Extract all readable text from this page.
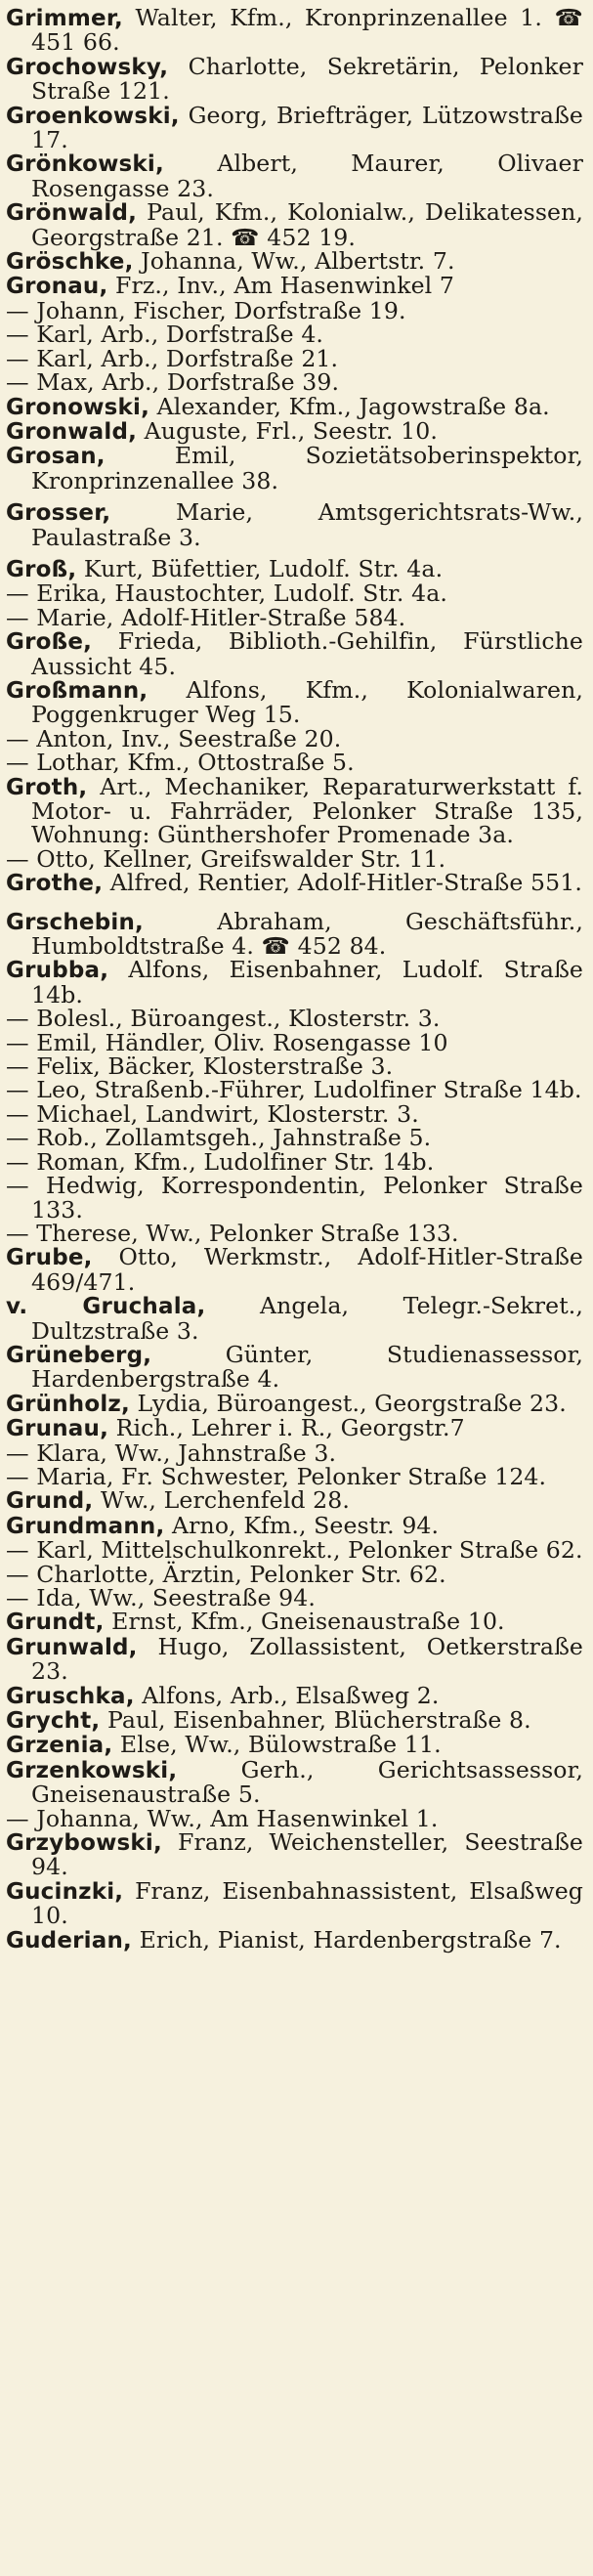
Grimmer, Walter, Kfm., Kronprinzenallee 1. ☎ 451 66.

Grochowsky, Charlotte, Sekretärin, Pelonker Straße 121.

Groenkowski, Georg, Briefträger, Lützowstraße 17.

Grönkowski, Albert, Maurer, Olivaer Rosengasse 23.

Grönwald, Paul, Kfm., Kolonialw., Delikatessen, Georgstraße 21. ☎ 452 19.

Gröschke, Johanna, Ww., Albertstr. 7.

Gronau, Frz., Inv., Am Hasenwinkel 7

— Johann, Fischer, Dorfstraße 19.

— Karl, Arb., Dorfstraße 4.

— Karl, Arb., Dorfstraße 21.

— Max, Arb., Dorfstraße 39.

Gronowski, Alexander, Kfm., Jagowstraße 8a.

Gronwald, Auguste, Frl., Seestr. 10.

Grosan, Emil, Sozietätsoberinspektor, Kronprinzenallee 38.

Grosser, Marie, Amtsgerichtsrats-Ww., Paulastraße 3.

Groß, Kurt, Büfettier, Ludolf. Str. 4a.

— Erika, Haustochter, Ludolf. Str. 4a.

— Marie, Adolf-Hitler-Straße 584.

Große, Frieda, Biblioth.-Gehilfin, Fürstliche Aussicht 45.

Großmann, Alfons, Kfm., Kolonialwaren, Poggenkruger Weg 15.

— Anton, Inv., Seestraße 20.

— Lothar, Kfm., Ottostraße 5.

Groth, Art., Mechaniker, Reparaturwerkstatt f. Motor- u. Fahrräder, Pelonker Straße 135, Wohnung: Günthershofer Promenade 3a.

— Otto, Kellner, Greifswalder Str. 11.

Grothe, Alfred, Rentier, Adolf-Hitler-Straße 551.

Grschebin, Abraham, Geschäftsführ., Humboldtstraße 4. ☎ 452 84.

Grubba, Alfons, Eisenbahner, Ludolf. Straße 14b.

— Bolesl., Büroangest., Klosterstr. 3.

— Emil, Händler, Oliv. Rosengasse 10

— Felix, Bäcker, Klosterstraße 3.

— Leo, Straßenb.-Führer, Ludolfiner Straße 14b.

— Michael, Landwirt, Klosterstr. 3.

— Rob., Zollamtsgeh., Jahnstraße 5.

— Roman, Kfm., Ludolfiner Str. 14b.

— Hedwig, Korrespondentin, Pelonker Straße 133.

— Therese, Ww., Pelonker Straße 133.

Grube, Otto, Werkmstr., Adolf-Hitler-Straße 469/471.

v. Gruchala, Angela, Telegr.-Sekret., Dultzstraße 3.

Grüneberg, Günter, Studienassessor, Hardenbergstraße 4.

Grünholz, Lydia, Büroangest., Georgstraße 23.

Grunau, Rich., Lehrer i. R., Georgstr.7

— Klara, Ww., Jahnstraße 3.

— Maria, Fr. Schwester, Pelonker Straße 124.

Grund, Ww., Lerchenfeld 28.

Grundmann, Arno, Kfm., Seestr. 94.

— Karl, Mittelschulkonrekt., Pelonker Straße 62.

— Charlotte, Ärztin, Pelonker Str. 62.

— Ida, Ww., Seestraße 94.

Grundt, Ernst, Kfm., Gneisenaustraße 10.

Grunwald, Hugo, Zollassistent, Oetkerstraße 23.

Gruschka, Alfons, Arb., Elsaßweg 2.

Grycht, Paul, Eisenbahner, Blücherstraße 8.

Grzenia, Else, Ww., Bülowstraße 11.

Grzenkowski, Gerh., Gerichtsassessor, Gneisenaustraße 5.

— Johanna, Ww., Am Hasenwinkel 1.

Grzybowski, Franz, Weichensteller, Seestraße 94.

Gucinzki, Franz, Eisenbahnassistent, Elsaßweg 10.

Guderian, Erich, Pianist, Hardenbergstraße 7.
